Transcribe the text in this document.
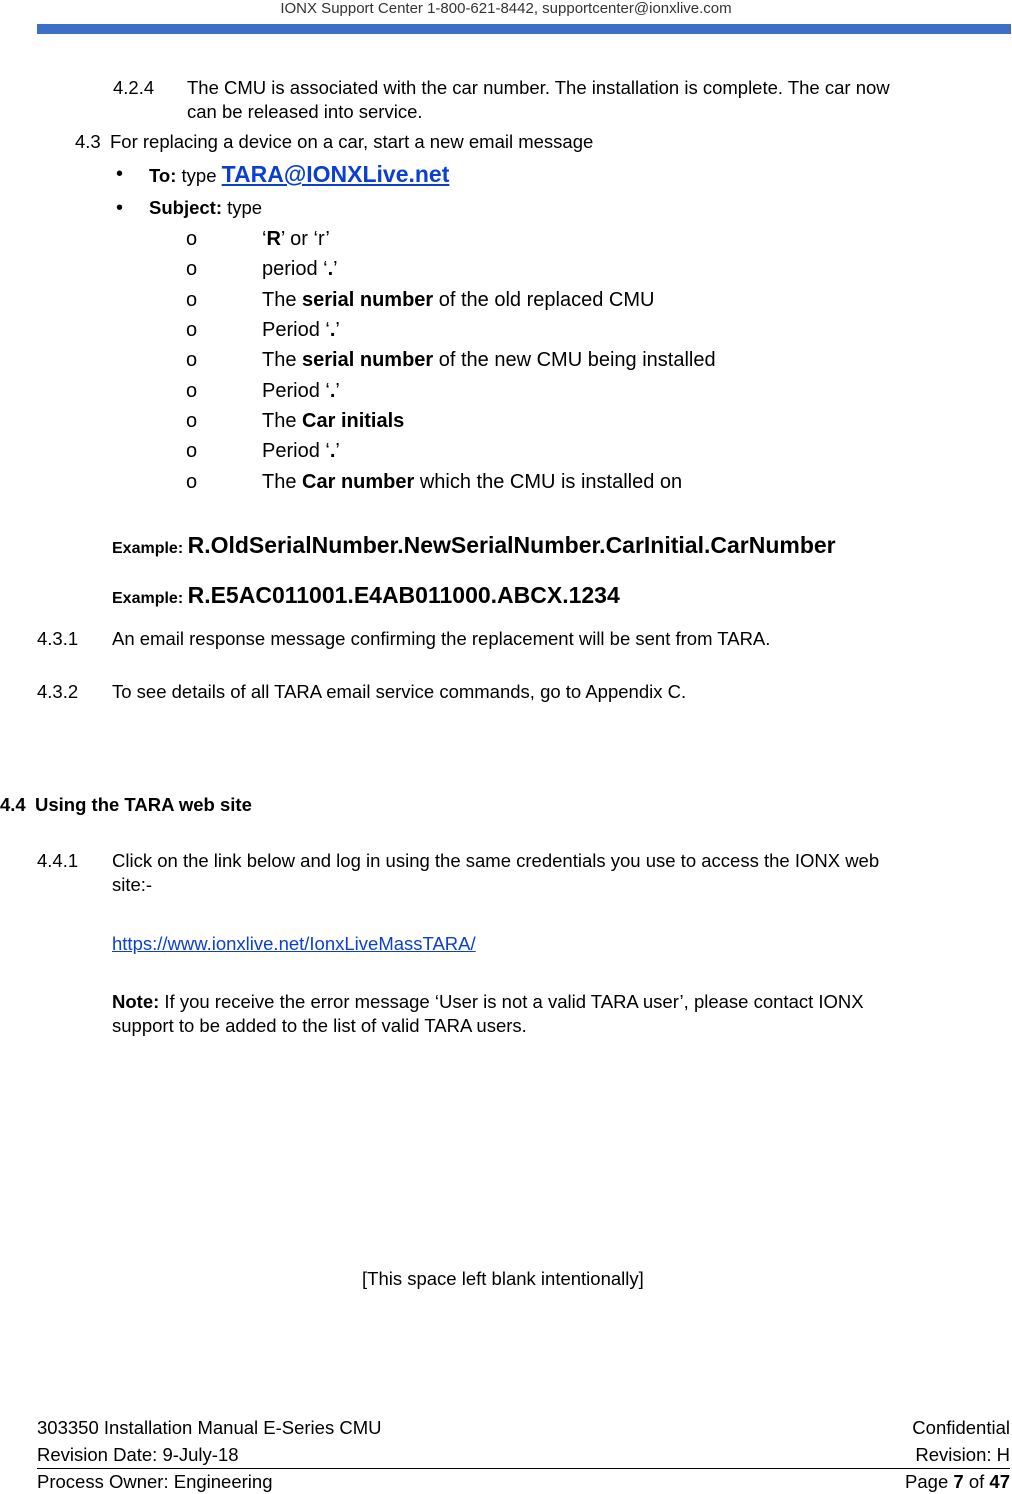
IONX Support Center 1-800-621-8442, supportcenter@ionxlive.com
4.2.4 The CMU is associated with the car number. The installation is complete. The car now
can be released into service.
4.3 For replacing a device on a car, start a new email message
• To: type TARA@IONXLive.net
• Subject: type
o	‘R’ or ‘r’
o	period ‘.’
o	The serial number of the old replaced CMU
o	Period ‘.’
o	The serial number of the new CMU being installed
o	Period ‘.’
o	The Car initials
o	Period ‘.’
o	The Car number which the CMU is installed on
Example: R.OldSerialNumber.NewSerialNumber.CarInitial.CarNumber
Example: R.E5AC011001.E4AB011000.ABCX.1234
4.3.1 An email response message confirming the replacement will be sent from TARA.
4.3.2 To see details of all TARA email service commands, go to Appendix C.
4.4 Using the TARA web site
4.4.1 Click on the link below and log in using the same credentials you use to access the IONX web
site:-
https://www.ionxlive.net/IonxLiveMassTARA/
Note: If you receive the error message ‘User is not a valid TARA user’, please contact IONX
support to be added to the list of valid TARA users.
[This space left blank intentionally]
303350 Installation Manual E-Series CMU	Confidential
Revision Date: 9-July-18	Revision: H
Process Owner: Engineering	Page 7 of 47
